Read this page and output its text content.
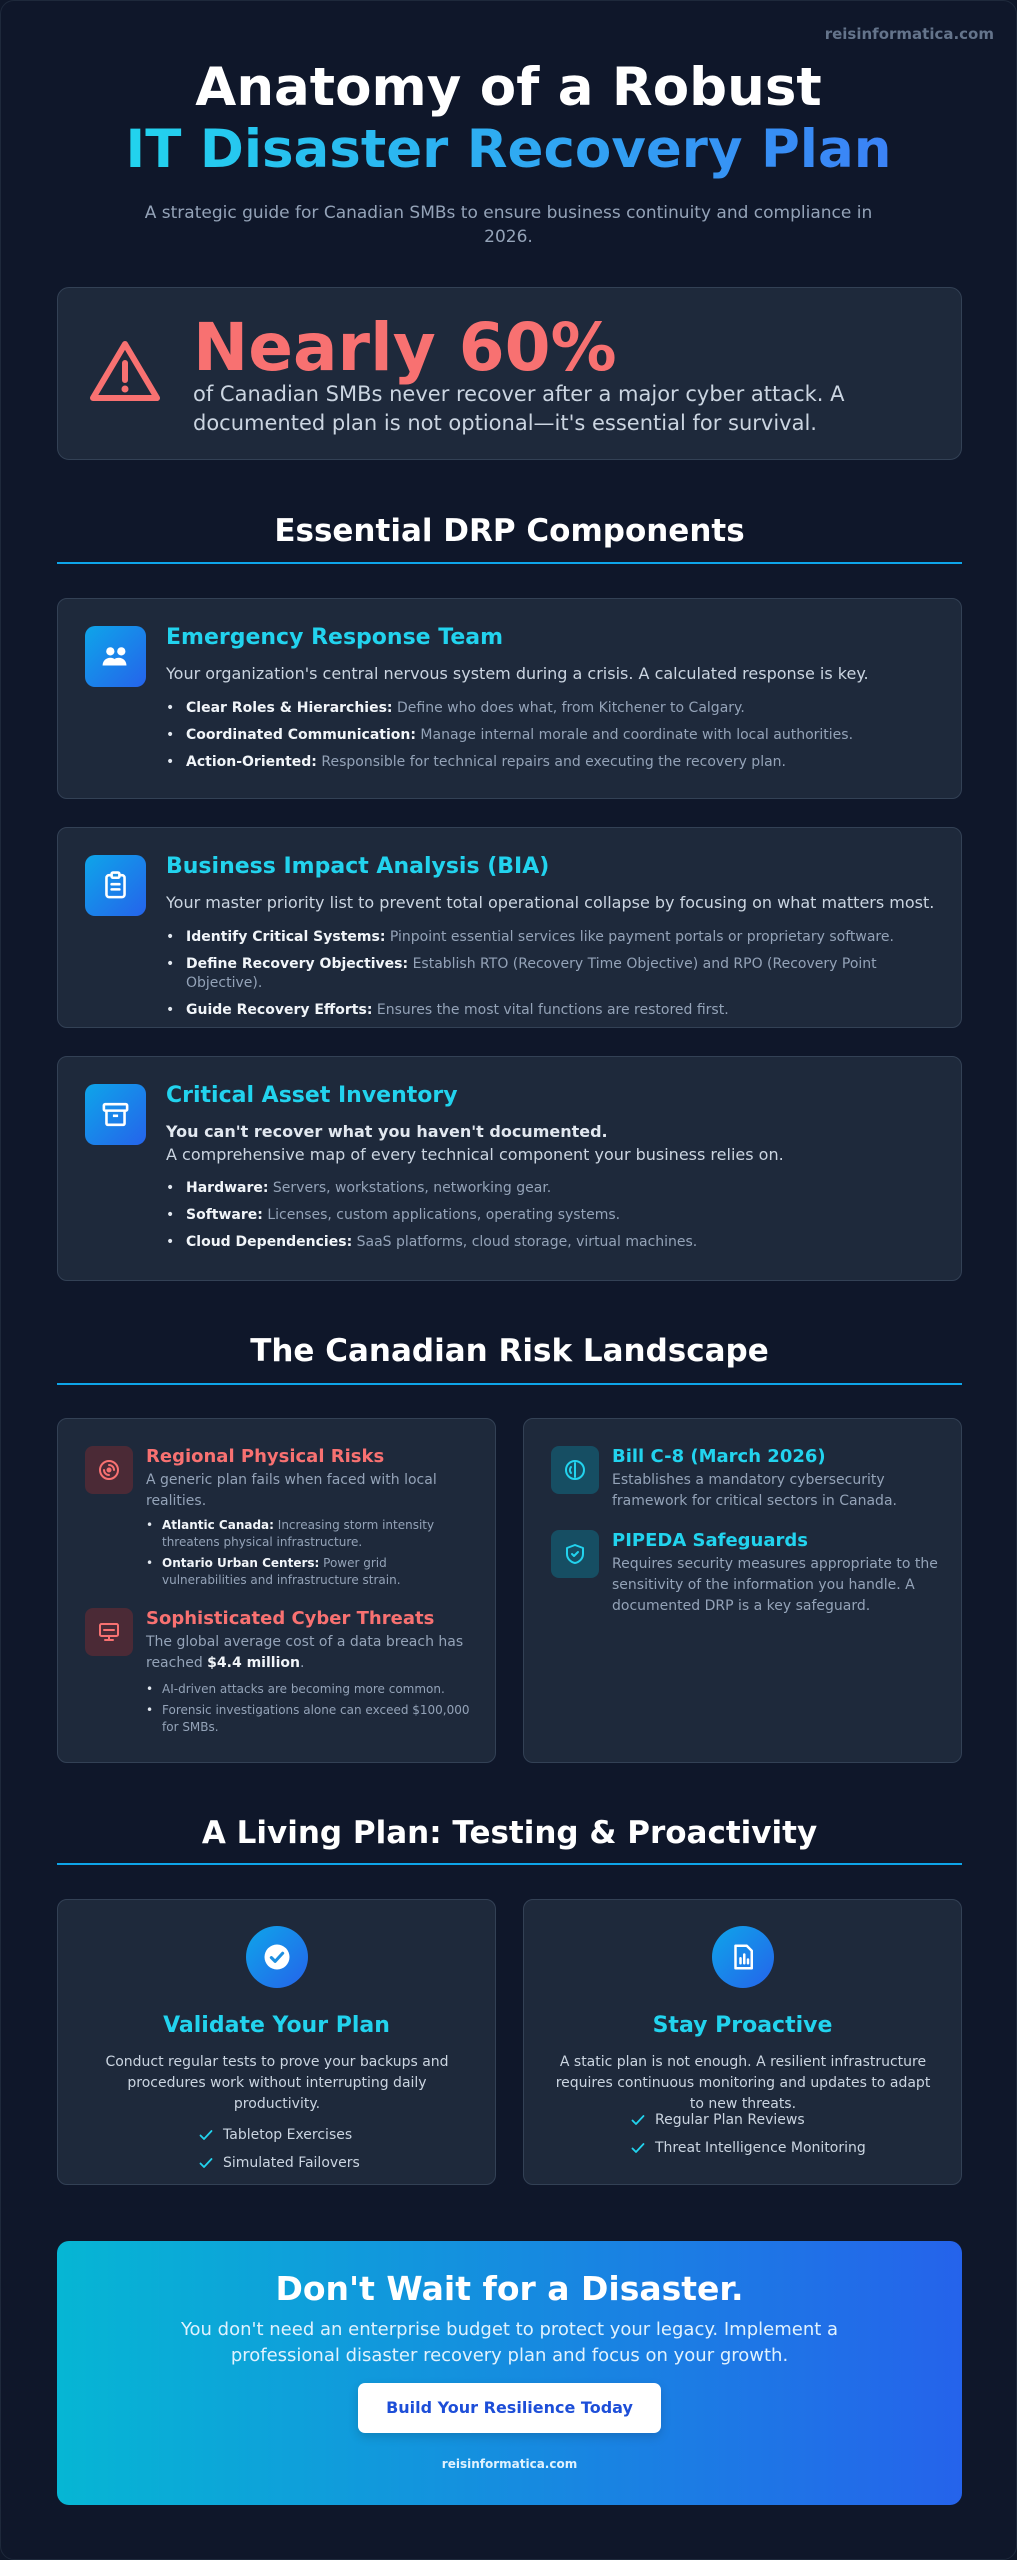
reisinformatica.com
Anatomy of a Robust
IT Disaster Recovery Plan

A strategic guide for Canadian SMBs to ensure business continuity and compliance in 2026.

Nearly 60%
of Canadian SMBs never recover after a major cyber attack. A documented plan is not optional—it's essential for survival.
Essential DRP Components
Emergency Response Team
Your organization's central nervous system during a crisis. A calculated response is key.
• Clear Roles & Hierarchies: Define who does what, from Kitchener to Calgary.
• Coordinated Communication: Manage internal morale and coordinate with local authorities.
• Action-Oriented: Responsible for technical repairs and executing the recovery plan.
Business Impact Analysis (BIA)
Your master priority list to prevent total operational collapse by focusing on what matters most.
• Identify Critical Systems: Pinpoint essential services like payment portals or proprietary software.
• Define Recovery Objectives: Establish RTO (Recovery Time Objective) and RPO (Recovery Point Objective).
• Guide Recovery Efforts: Ensures the most vital functions are restored first.
Critical Asset Inventory
You can't recover what you haven't documented.
A comprehensive map of every technical component your business relies on.
• Hardware: Servers, workstations, networking gear.
• Software: Licenses, custom applications, operating systems.
• Cloud Dependencies: SaaS platforms, cloud storage, virtual machines.
The Canadian Risk Landscape
Regional Physical Risks
A generic plan fails when faced with local realities.
• Atlantic Canada: Increasing storm intensity threatens physical infrastructure.
• Ontario Urban Centers: Power grid vulnerabilities and infrastructure strain.
Sophisticated Cyber Threats
The global average cost of a data breach has reached $4.4 million.
• AI-driven attacks are becoming more common.
• Forensic investigations alone can exceed $100,000 for SMBs.
Bill C-8 (March 2026)
Establishes a mandatory cybersecurity framework for critical sectors in Canada.
PIPEDA Safeguards
Requires security measures appropriate to the sensitivity of the information you handle. A documented DRP is a key safeguard.
A Living Plan: Testing & Proactivity
Validate Your Plan
Conduct regular tests to prove your backups and procedures work without interrupting daily productivity.
Tabletop Exercises
Simulated Failovers
Stay Proactive
A static plan is not enough. A resilient infrastructure requires continuous monitoring and updates to adapt to new threats.
Regular Plan Reviews
Threat Intelligence Monitoring
Don't Wait for a Disaster.

You don't need an enterprise budget to protect your legacy. Implement a professional disaster recovery plan and focus on your growth.

Build Your Resilience Today
reisinformatica.com
